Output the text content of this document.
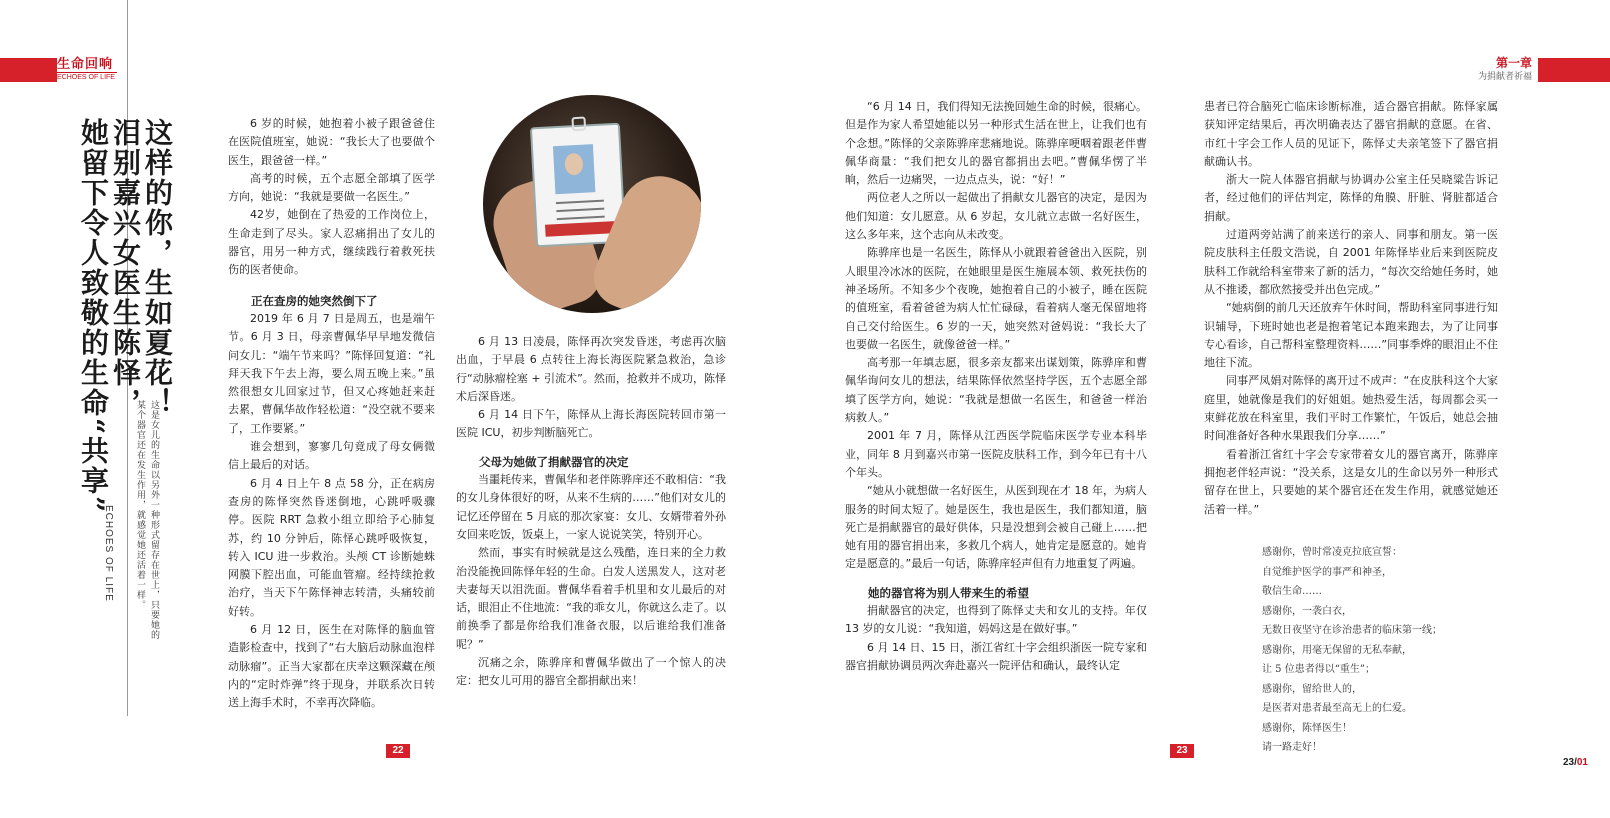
生命回响
ECHOES OF LIFE
第一章
为捐献者祈福
这样的你，生如夏花！
泪别嘉兴女医生陈怿，
她留下令人致敬的生命“共享”
这是女儿的生命以另外一种形式留存在世上，只要她的
某个器官还在发生作用，就感觉她还活着一样。
ECHOES OF LIFE

6 岁的时候，她抱着小被子跟爸爸住在医院值班室，她说：“我长大了也要做个医生，跟爸爸一样。”

高考的时候，五个志愿全部填了医学方向，她说：“我就是要做一名医生。”

42岁，她倒在了热爱的工作岗位上，生命走到了尽头。家人忍痛捐出了女儿的器官，用另一种方式，继续践行着救死扶伤的医者使命。

正在查房的她突然倒下了

2019 年 6 月 7 日是周五，也是端午节。6 月 3 日，母亲曹佩华早早地发微信问女儿：“端午节来吗？”陈怿回复道：“礼拜天我下午去上海，要么周五晚上来。”虽然很想女儿回家过节，但又心疼她赶来赶去累，曹佩华故作轻松道：“没空就不要来了，工作要紧。”

谁会想到，寥寥几句竟成了母女俩微信上最后的对话。

6 月 4 日上午 8 点 58 分，正在病房查房的陈怿突然昏迷倒地，心跳呼吸骤停。医院 RRT 急救小组立即给予心肺复苏，约 10 分钟后，陈怿心跳呼吸恢复，转入 ICU 进一步救治。头颅 CT 诊断她蛛网膜下腔出血，可能血管瘤。经持续抢救治疗，当天下午陈怿神志转清，头痛较前好转。

6 月 12 日，医生在对陈怿的脑血管造影检查中，找到了“右大脑后动脉血泡样动脉瘤”。正当大家都在庆幸这颗深藏在颅内的“定时炸弹”终于现身，并联系次日转送上海手术时，不幸再次降临。

6 月 13 日凌晨，陈怿再次突发昏迷，考虑再次脑出血，于早晨 6 点转往上海长海医院紧急救治，急诊行“动脉瘤栓塞 + 引流术”。然而，抢救并不成功，陈怿术后深昏迷。

6 月 14 日下午，陈怿从上海长海医院转回市第一医院 ICU，初步判断脑死亡。

父母为她做了捐献器官的决定

当噩耗传来，曹佩华和老伴陈骅庠还不敢相信：“我的女儿身体很好的呀，从来不生病的……”他们对女儿的记忆还停留在 5 月底的那次家宴：女儿、女婿带着外孙女回来吃饭，饭桌上，一家人说说笑笑，特别开心。

然而，事实有时候就是这么残酷，连日来的全力救治没能挽回陈怿年轻的生命。白发人送黑发人，这对老夫妻每天以泪洗面。曹佩华看着手机里和女儿最后的对话，眼泪止不住地流：“我的乖女儿，你就这么走了。以前换季了都是你给我们准备衣服，以后谁给我们准备呢？”

沉痛之余，陈骅庠和曹佩华做出了一个惊人的决定：把女儿可用的器官全都捐献出来！

“6 月 14 日，我们得知无法挽回她生命的时候，很痛心。但是作为家人希望她能以另一种形式生活在世上，让我们也有个念想。”陈怿的父亲陈骅庠悲痛地说。陈骅庠哽咽着跟老伴曹佩华商量：“我们把女儿的器官都捐出去吧。”曹佩华愣了半晌，然后一边痛哭，一边点点头，说：“好！”

两位老人之所以一起做出了捐献女儿器官的决定，是因为他们知道：女儿愿意。从 6 岁起，女儿就立志做一名好医生，这么多年来，这个志向从未改变。

陈骅庠也是一名医生，陈怿从小就跟着爸爸出入医院，别人眼里冷冰冰的医院，在她眼里是医生施展本领、救死扶伤的神圣场所。不知多少个夜晚，她抱着自己的小被子，睡在医院的值班室，看着爸爸为病人忙忙碌碌，看着病人毫无保留地将自己交付给医生。6 岁的一天，她突然对爸妈说：“我长大了也要做一名医生，就像爸爸一样。”

高考那一年填志愿，很多亲友都来出谋划策，陈骅庠和曹佩华询问女儿的想法，结果陈怿依然坚持学医，五个志愿全部填了医学方向，她说：“我就是想做一名医生，和爸爸一样治病救人。”

2001 年 7 月，陈怿从江西医学院临床医学专业本科毕业，同年 8 月到嘉兴市第一医院皮肤科工作，到今年已有十八个年头。

“她从小就想做一名好医生，从医到现在才 18 年，为病人服务的时间太短了。她是医生，我也是医生，我们都知道，脑死亡是捐献器官的最好供体，只是没想到会被自己碰上……把她有用的器官捐出来，多救几个病人，她肯定是愿意的。她肯定是愿意的。”最后一句话，陈骅庠轻声但有力地重复了两遍。

她的器官将为别人带来生的希望

捐献器官的决定，也得到了陈怿丈夫和女儿的支持。年仅 13 岁的女儿说：“我知道，妈妈这是在做好事。”

6 月 14 日、15 日，浙江省红十字会组织浙医一院专家和器官捐献协调员两次奔赴嘉兴一院评估和确认，最终认定

患者已符合脑死亡临床诊断标准，适合器官捐献。陈怿家属获知评定结果后，再次明确表达了器官捐献的意愿。在省、市红十字会工作人员的见证下，陈怿丈夫亲笔签下了器官捐献确认书。

浙大一院人体器官捐献与协调办公室主任吴晓粱告诉记者，经过他们的评估判定，陈怿的角膜、肝脏、肾脏都适合捐献。

过道两旁站满了前来送行的亲人、同事和朋友。第一医院皮肤科主任殷文浩说，自 2001 年陈怿毕业后来到医院皮肤科工作就给科室带来了新的活力，“每次交给她任务时，她从不推诿，都欣然接受并出色完成。”

“她病倒的前几天还放弃午休时间，帮助科室同事进行知识辅导，下班时她也老是抱着笔记本跑来跑去，为了让同事专心看诊，自己帮科室整理资料……”同事季烨的眼泪止不住地往下流。

同事严凤娟对陈怿的离开过不成声：“在皮肤科这个大家庭里，她就像是我们的好姐姐。她热爱生活，每周都会买一束鲜花放在科室里，我们平时工作繁忙，午饭后，她总会抽时间准备好各种水果跟我们分享……”

看着浙江省红十字会专家带着女儿的器官离开，陈骅庠拥抱老伴轻声说：“没关系，这是女儿的生命以另外一种形式留存在世上，只要她的某个器官还在发生作用，就感觉她还活着一样。”

感谢你，曾时常凌克拉底宣誓：
自觉维护医学的事严和神圣，
敬信生命……
感谢你，一袭白衣，
无数日夜坚守在诊治患者的临床第一线；
感谢你，用毫无保留的无私奉献，
让 5 位患者得以“重生”；
感谢你，留给世人的，
是医者对患者最至高无上的仁爱。
感谢你，陈怿医生！
请一路走好！
22	23
23/01
